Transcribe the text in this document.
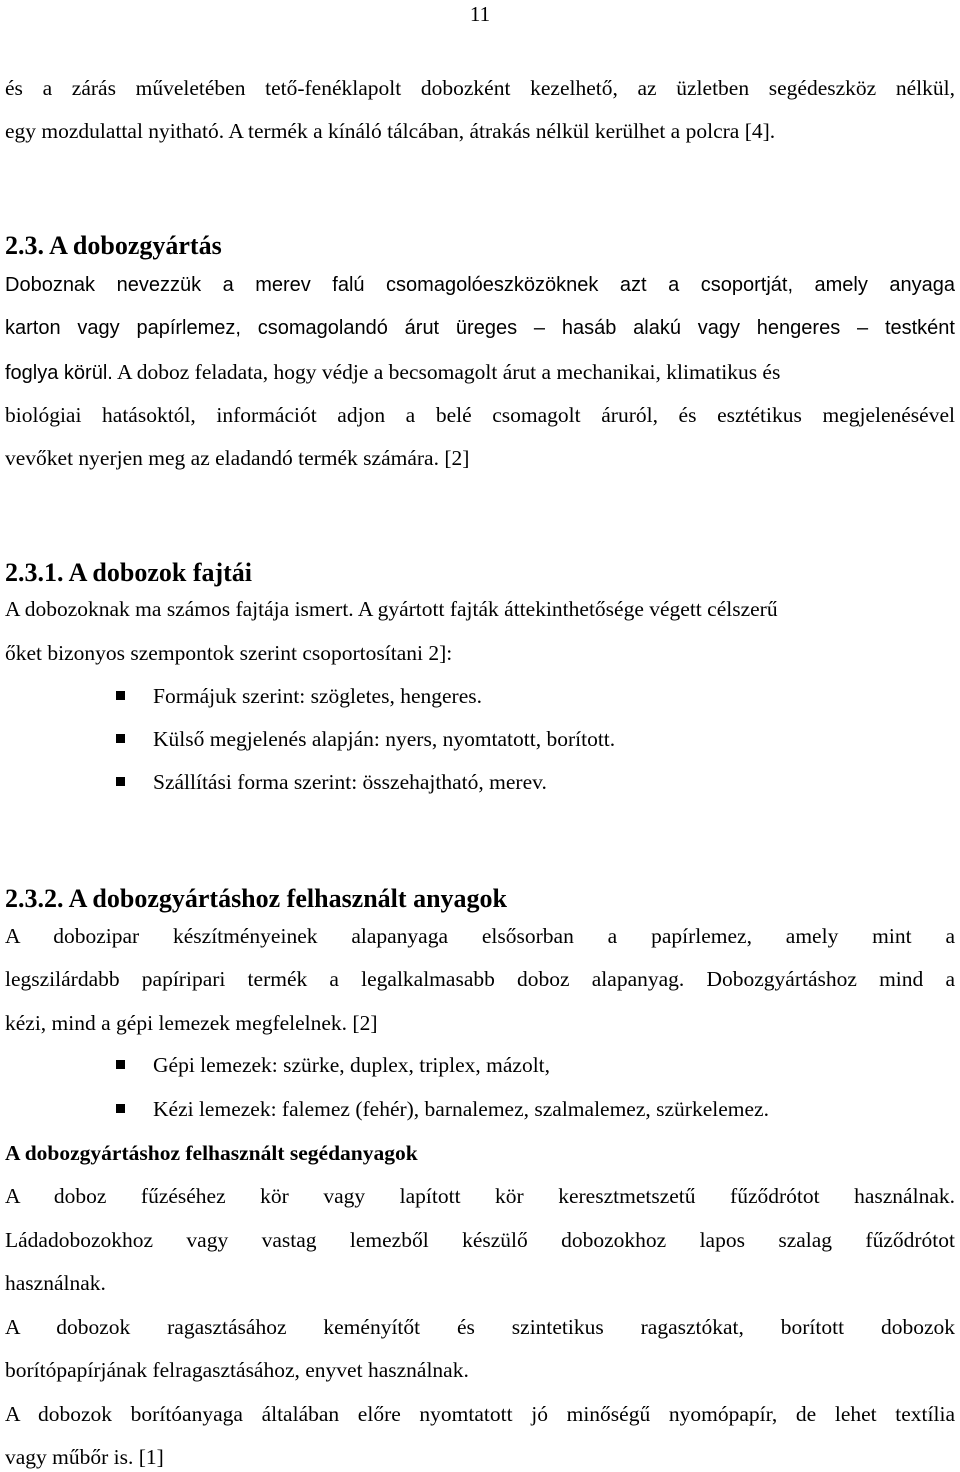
11
és a zárás műveletében tető-fenéklapolt dobozként kezelhető, az üzletben segédeszköz nélkül,
egy mozdulattal nyitható. A termék a kínáló tálcában, átrakás nélkül kerülhet a polcra [4].
2.3. A dobozgyártás
Doboznak nevezzük a merev falú csomagolóeszközöknek azt a csoportját, amely anyaga
karton vagy papírlemez, csomagolandó árut üreges – hasáb alakú vagy hengeres – testként
foglya körül. A doboz feladata, hogy védje a becsomagolt árut a mechanikai, klimatikus és
biológiai hatásoktól, információt adjon a belé csomagolt áruról, és esztétikus megjelenésével
vevőket nyerjen meg az eladandó termék számára. [2]
2.3.1. A dobozok fajtái
A dobozoknak ma számos fajtája ismert. A gyártott fajták áttekinthetősége végett célszerű
őket bizonyos szempontok szerint csoportosítani 2]:
Formájuk szerint: szögletes, hengeres.
Külső megjelenés alapján: nyers, nyomtatott, borított.
Szállítási forma szerint: összehajtható, merev.
2.3.2. A dobozgyártáshoz felhasznált anyagok
A dobozipar készítményeinek alapanyaga elsősorban a papírlemez, amely mint a
legszilárdabb papíripari termék a legalkalmasabb doboz alapanyag. Dobozgyártáshoz mind a
kézi, mind a gépi lemezek megfelelnek. [2]
Gépi lemezek: szürke, duplex, triplex, mázolt,
Kézi lemezek: falemez (fehér), barnalemez, szalmalemez, szürkelemez.
A dobozgyártáshoz felhasznált segédanyagok
A doboz fűzéséhez kör vagy lapított kör keresztmetszetű fűződrótot használnak.
Ládadobozokhoz vagy vastag lemezből készülő dobozokhoz lapos szalag fűződrótot
használnak.
A dobozok ragasztásához keményítőt és szintetikus ragasztókat, borított dobozok
borítópapírjának felragasztásához, enyvet használnak.
A dobozok borítóanyaga általában előre nyomtatott jó minőségű nyomópapír, de lehet textília
vagy műbőr is. [1]
